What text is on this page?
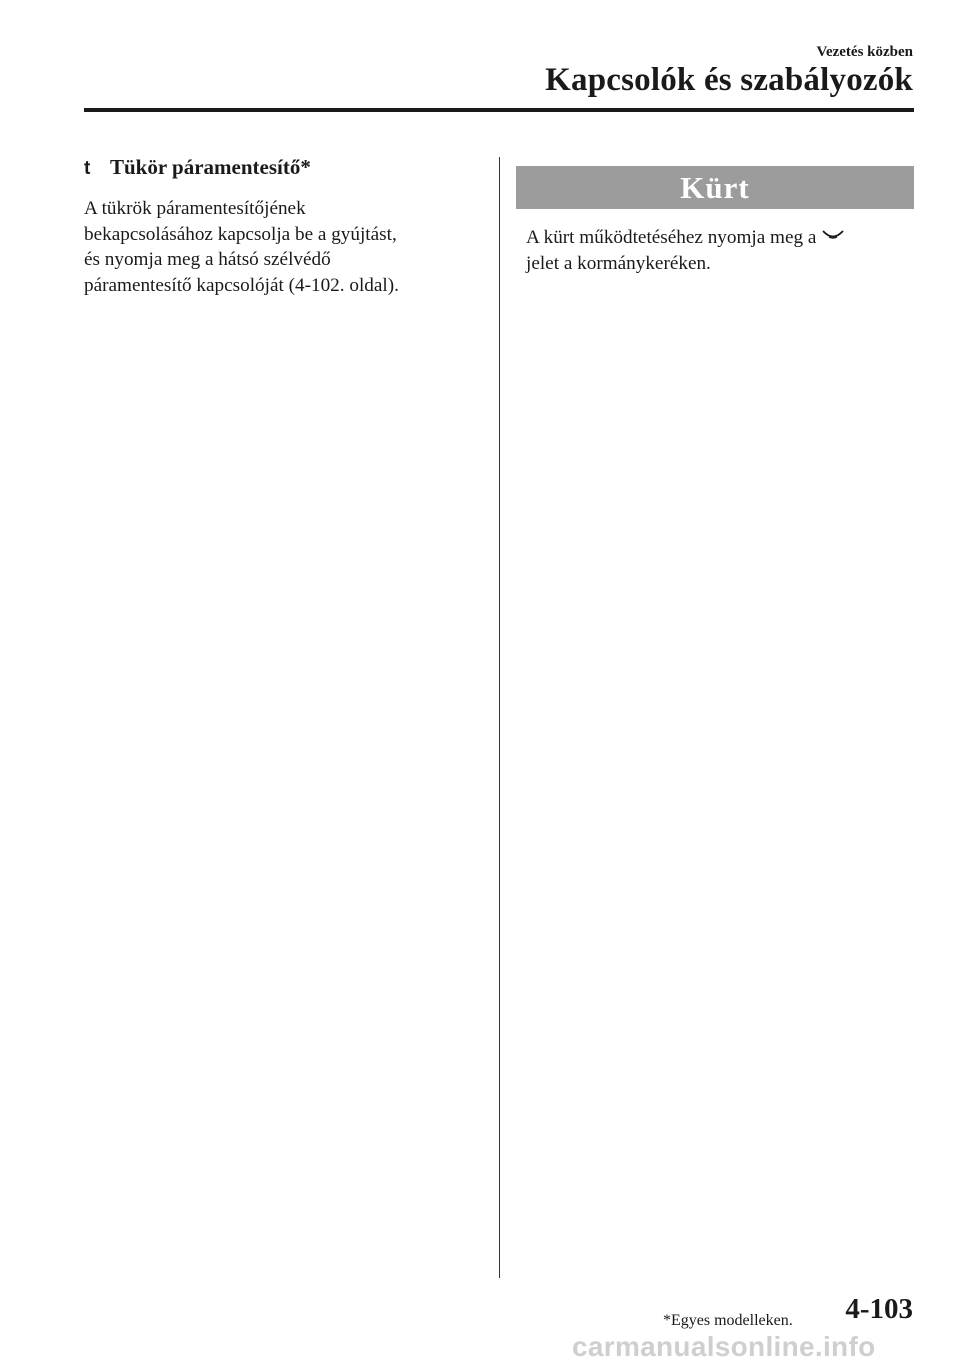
Vezetés közben
Kapcsolók és szabályozók
t Tükör páramentesítő*

A tükrök páramentesítőjének
bekapcsolásához kapcsolja be a gyújtást,
és nyomja meg a hátsó szélvédő
páramentesítő kapcsolóját (4-102. oldal).

Kürt
A kürt működtetéséhez nyomja meg a
jelet a kormánykeréken.
*Egyes modelleken. 4-103
carmanualsonline.info
